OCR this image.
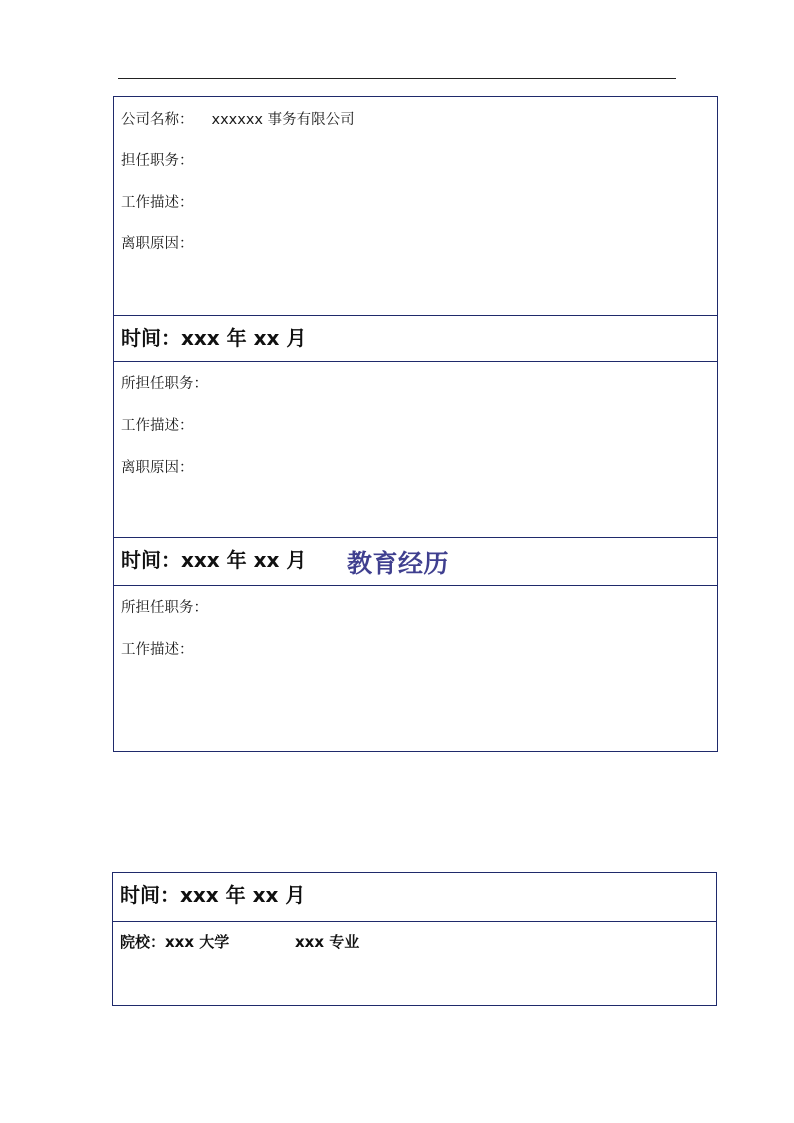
公司名称： xxxxxx 事务有限公司
担任职务：
工作描述：
离职原因：
时间：xxx 年 xx 月
所担任职务：
工作描述：
离职原因：
时间：xxx 年 xx 月
所担任职务：
工作描述：
教育经历
时间：xxx 年 xx 月
院校：xxx 大学	xxx 专业
